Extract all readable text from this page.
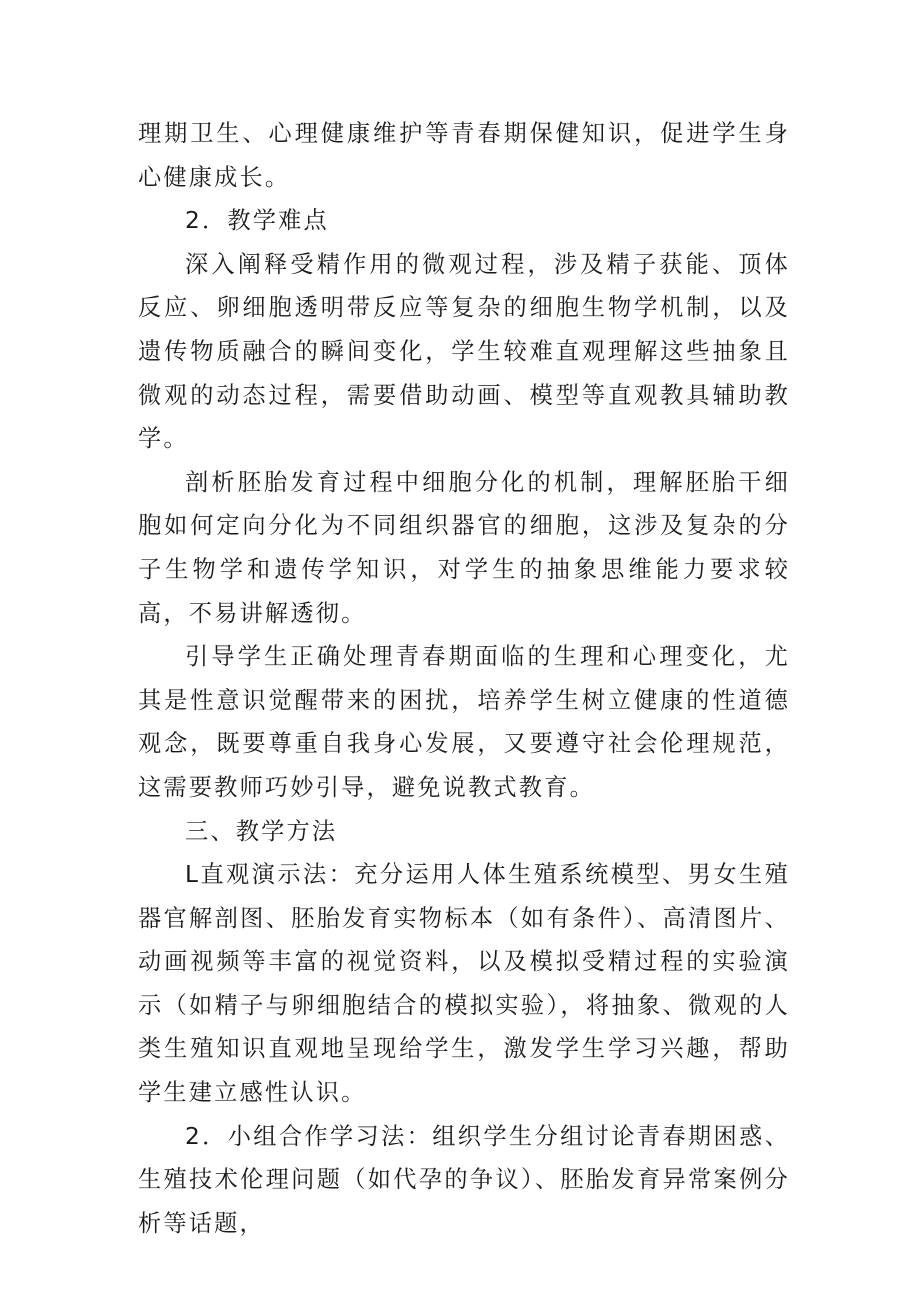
理期卫生、心理健康维护等青春期保健知识，促进学生身心健康成长。

2．教学难点

深入阐释受精作用的微观过程，涉及精子获能、顶体反应、卵细胞透明带反应等复杂的细胞生物学机制，以及遗传物质融合的瞬间变化，学生较难直观理解这些抽象且微观的动态过程，需要借助动画、模型等直观教具辅助教学。

剖析胚胎发育过程中细胞分化的机制，理解胚胎干细胞如何定向分化为不同组织器官的细胞，这涉及复杂的分子生物学和遗传学知识，对学生的抽象思维能力要求较高，不易讲解透彻。

引导学生正确处理青春期面临的生理和心理变化，尤其是性意识觉醒带来的困扰，培养学生树立健康的性道德观念，既要尊重自我身心发展，又要遵守社会伦理规范，这需要教师巧妙引导，避免说教式教育。

三、教学方法

L直观演示法：充分运用人体生殖系统模型、男女生殖器官解剖图、胚胎发育实物标本（如有条件）、高清图片、动画视频等丰富的视觉资料，以及模拟受精过程的实验演示（如精子与卵细胞结合的模拟实验），将抽象、微观的人类生殖知识直观地呈现给学生，激发学生学习兴趣，帮助学生建立感性认识。

2．小组合作学习法：组织学生分组讨论青春期困惑、生殖技术伦理问题（如代孕的争议）、胚胎发育异常案例分析等话题，
